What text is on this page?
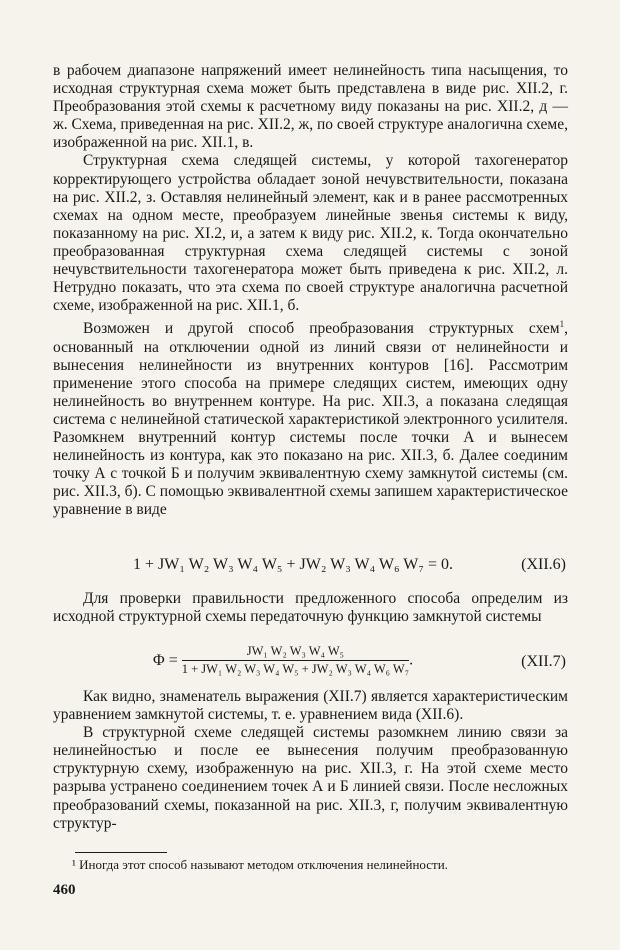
в рабочем диапазоне напряжений имеет нелинейность типа насыщения, то исходная структурная схема может быть представлена в виде рис. XII.2, г. Преобразования этой схемы к расчетному виду показаны на рис. XII.2, д — ж. Схема, приведенная на рис. XII.2, ж, по своей структуре аналогична схеме, изображенной на рис. XII.1, в.

Структурная схема следящей системы, у которой тахогенератор корректирующего устройства обладает зоной нечувствительности, показана на рис. XII.2, з. Оставляя нелинейный элемент, как и в ранее рассмотренных схемах на одном месте, преобразуем линейные звенья системы к виду, показанному на рис. XI.2, и, а затем к виду рис. XII.2, к. Тогда окончательно преобразованная структурная схема следящей системы с зоной нечувствительности тахогенератора может быть приведена к рис. XII.2, л. Нетрудно показать, что эта схема по своей структуре аналогична расчетной схеме, изображенной на рис. XII.1, б.

Возможен и другой способ преобразования структурных схем$^1$, основанный на отключении одной из линий связи от нелинейности и вынесения нелинейности из внутренних контуров [16]. Рассмотрим применение этого способа на примере следящих систем, имеющих одну нелинейность во внутреннем контуре. На рис. XII.3, а показана следящая система с нелинейной статической характеристикой электронного усилителя. Разомкнем внутренний контур системы после точки А и вынесем нелинейность из контура, как это показано на рис. XII.3, б. Далее соединим точку А с точкой Б и получим эквивалентную схему замкнутой системы (см. рис. XII.3, б). С помощью эквивалентной схемы запишем характеристическое уравнение в виде

1 + JW₁ W₂ W₃ W₄ W₅ + JW₂ W₃ W₄ W₆ W₇ = 0.	(XII.6)

Для проверки правильности предложенного способа определим из исходной структурной схемы передаточную функцию замкнутой системы

$\Phi = \frac{\text{JW₁ W₂ W₃ W₄ W₅}}{\text{1 + JW₁ W₂ W₃ W₄ W₅ + JW₂ W₃ W₄ W₆ W₇}}$ .	(XII.7)

Как видно, знаменатель выражения (XII.7) является характеристическим уравнением замкнутой системы, т. е. уравнением вида (XII.6).

В структурной схеме следящей системы разомкнем линию связи за нелинейностью и после ее вынесения получим преобразованную структурную схему, изображенную на рис. XII.3, г. На этой схеме место разрыва устранено соединением точек А и Б линией связи. После несложных преобразований схемы, показанной на рис. XII.3, г, получим эквивалентную структур-

¹ Иногда этот способ называют методом отключения нелинейности.
460
